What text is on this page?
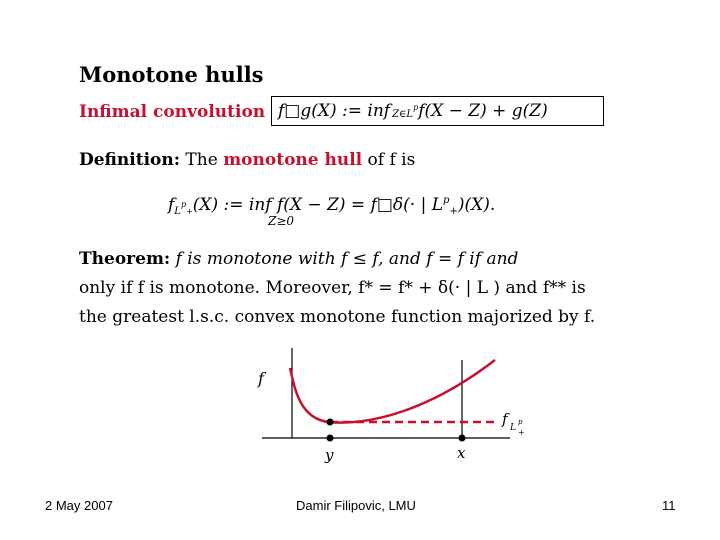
Monotone hulls
Infimal convolution f□g(X) := inf $Z\in L^p$ f(X − Z) + g(Z)
Definition: The monotone hull of f is
$f_{L^p+}(X)$ := inf f(X − Z) = f□δ(· | $L^p_+)(X)$.
Z≥0
Theorem: f is monotone with f ≤ f, and f = f if and
only if f is monotone. Moreover, f* = f* + δ(· | L ) and f** is
the greatest l.s.c. convex monotone function majorized by f.
f
f L
p
+
y	x
2 May 2007	Damir Filipovic, LMU	11
